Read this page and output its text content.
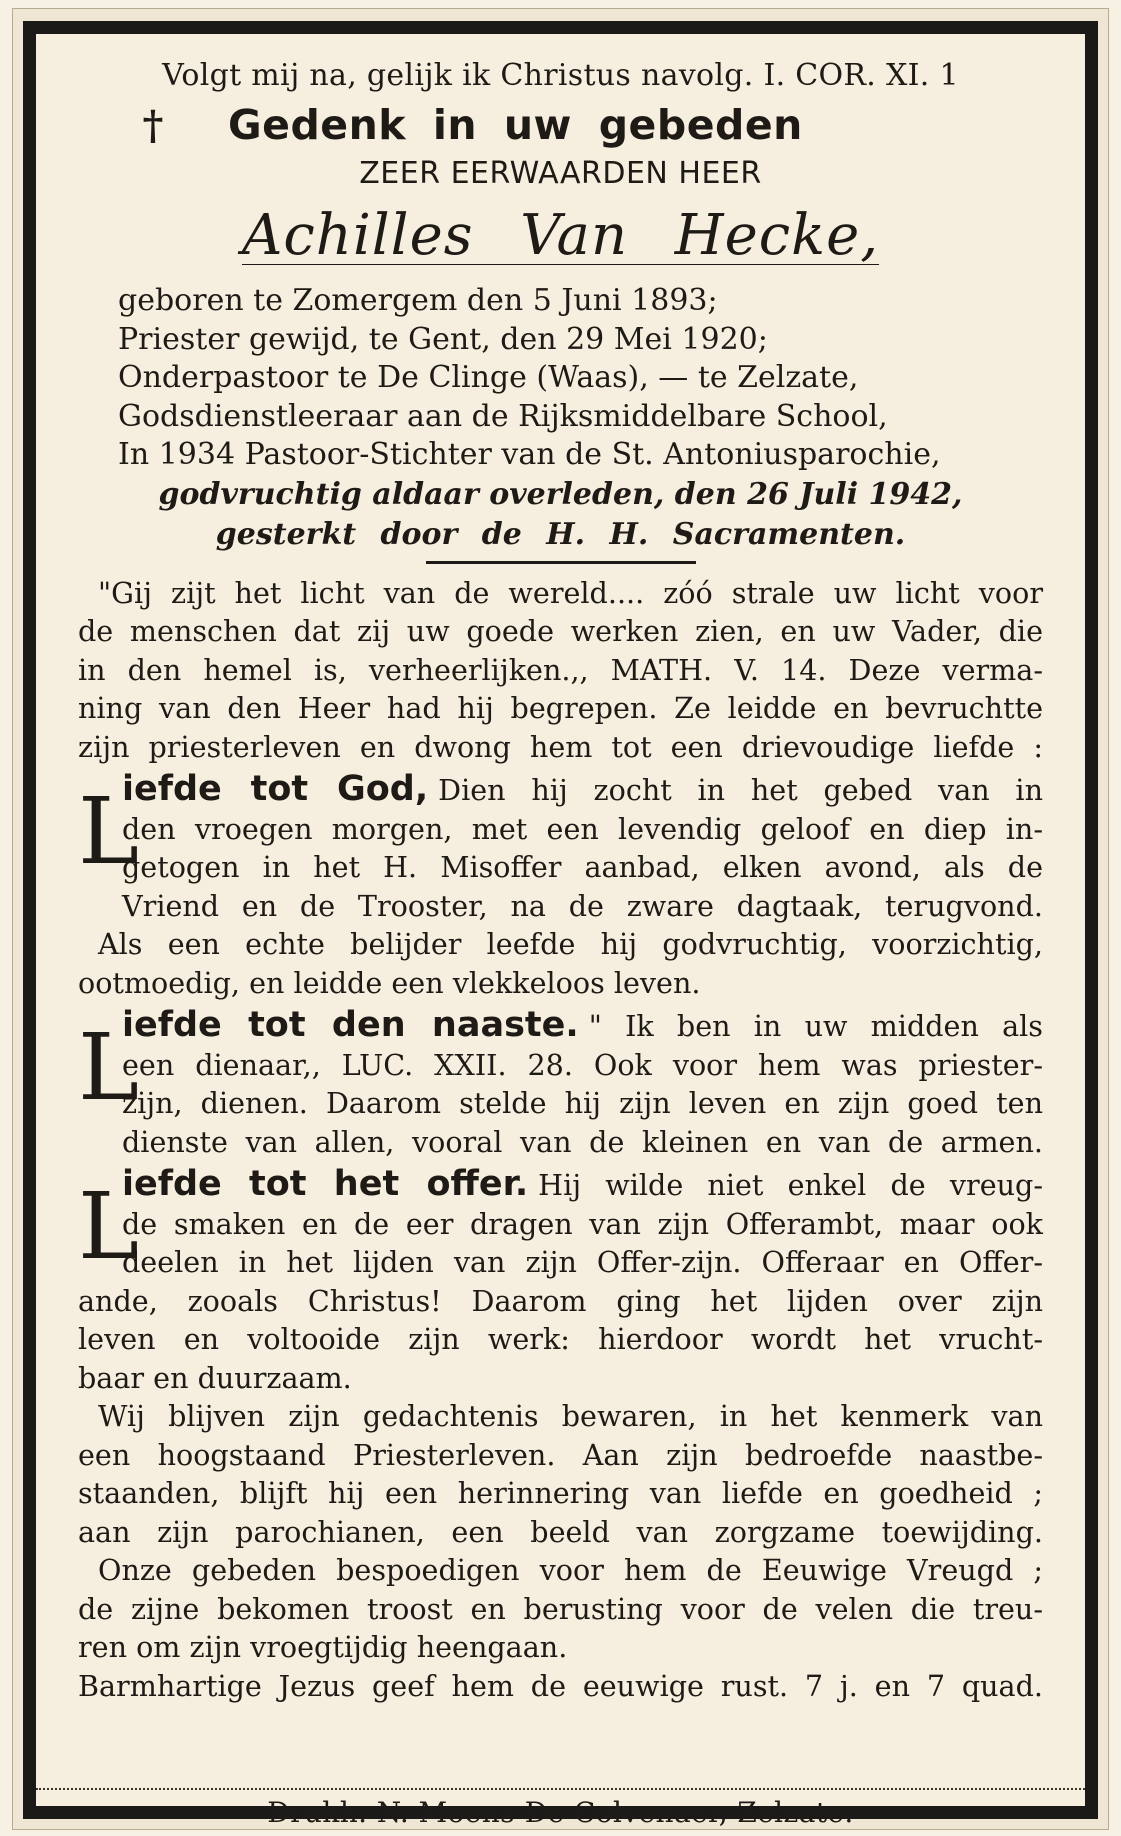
Volgt mij na, gelijk ik Christus navolg. I. COR. XI. 1
†	Gedenk in uw gebeden
ZEER EERWAARDEN HEER
Achilles Van Hecke,
geboren te Zomergem den 5 Juni 1893;
Priester gewijd, te Gent, den 29 Mei 1920;
Onderpastoor te De Clinge (Waas), — te Zelzate,
Godsdienstleeraar aan de Rijksmiddelbare School,
In 1934 Pastoor-Stichter van de St. Antoniusparochie,
godvruchtig aldaar overleden, den 26 Juli 1942,
gesterkt door de H. H. Sacramenten.
"Gij zijt het licht van de wereld.... zóó strale uw licht voor
de menschen dat zij uw goede werken zien, en uw Vader, die
in den hemel is, verheerlijken.,, MATH. V. 14. Deze verma-
ning van den Heer had hij begrepen. Ze leidde en bevruchtte
zijn priesterleven en dwong hem tot een drievoudige liefde :
L
iefde tot God, Dien hij zocht in het gebed van in
den vroegen morgen, met een levendig geloof en diep in-
getogen in het H. Misoffer aanbad, elken avond, als de
Vriend en de Trooster, na de zware dagtaak, terugvond.
Als een echte belijder leefde hij godvruchtig, voorzichtig,
ootmoedig, en leidde een vlekkeloos leven.
L
iefde tot den naaste. " Ik ben in uw midden als
een dienaar,, LUC. XXII. 28. Ook voor hem was priester-
zijn, dienen. Daarom stelde hij zijn leven en zijn goed ten
dienste van allen, vooral van de kleinen en van de armen.
L
iefde tot het offer. Hij wilde niet enkel de vreug-
de smaken en de eer dragen van zijn Offerambt, maar ook
deelen in het lijden van zijn Offer-zijn. Offeraar en Offer-
ande, zooals Christus! Daarom ging het lijden over zijn
leven en voltooide zijn werk: hierdoor wordt het vrucht-
baar en duurzaam.
Wij blijven zijn gedachtenis bewaren, in het kenmerk van
een hoogstaand Priesterleven. Aan zijn bedroefde naastbe-
staanden, blijft hij een herinnering van liefde en goedheid ;
aan zijn parochianen, een beeld van zorgzame toewijding.
Onze gebeden bespoedigen voor hem de Eeuwige Vreugd ;
de zijne bekomen troost en berusting voor de velen die treu-
ren om zijn vroegtijdig heengaan.
Barmhartige Jezus geef hem de eeuwige rust. 7 j. en 7 quad.
Drukh. N. Moens-De Colvenaer, Zelzate.
